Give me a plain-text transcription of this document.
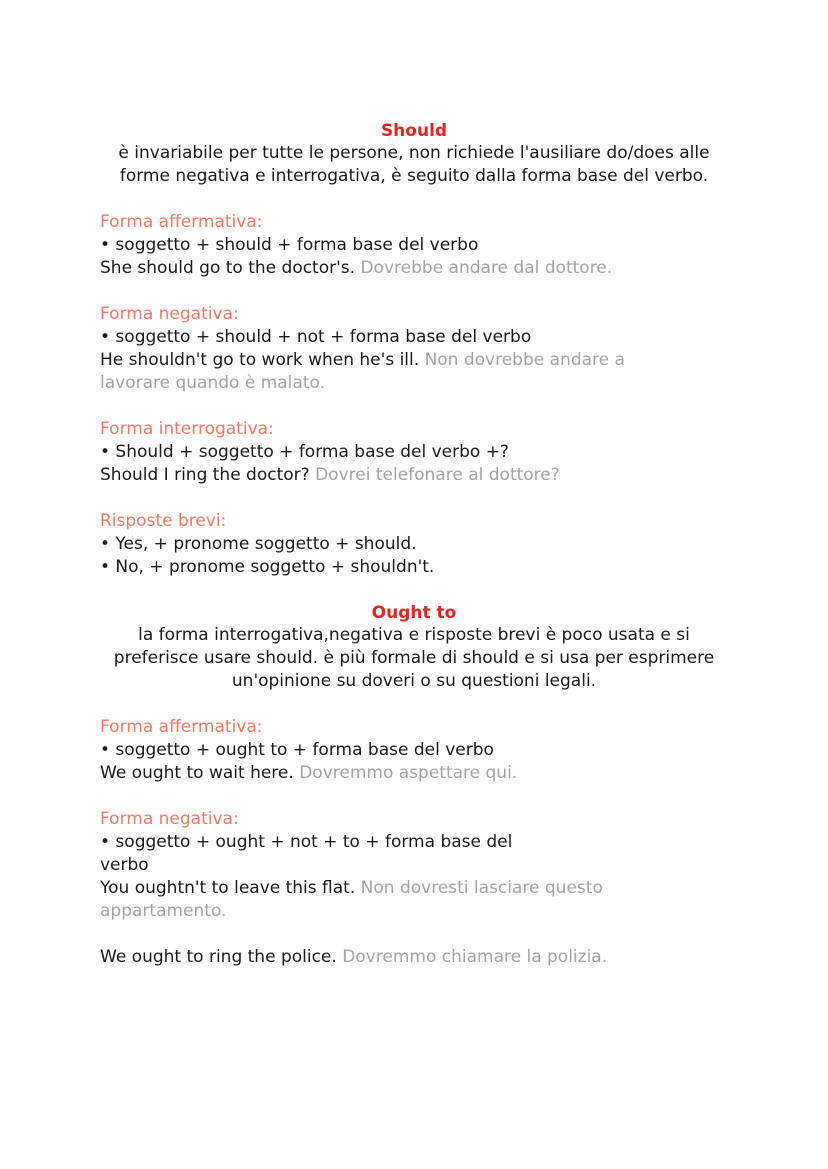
Should

è invariabile per tutte le persone, non richiede l'ausiliare do/does alle forme negativa e interrogativa, è seguito dalla forma base del verbo.

Forma affermativa:

• soggetto + should + forma base del verbo

She should go to the doctor's. Dovrebbe andare dal dottore.

Forma negativa:

• soggetto + should + not + forma base del verbo

He shouldn't go to work when he's ill. Non dovrebbe andare a lavorare quando è malato.

Forma interrogativa:

• Should + soggetto + forma base del verbo +?

Should I ring the doctor? Dovrei telefonare al dottore?

Risposte brevi:

• Yes, + pronome soggetto + should.

• No, + pronome soggetto + shouldn't.

Ought to

la forma interrogativa,negativa e risposte brevi è poco usata e si preferisce usare should. è più formale di should e si usa per esprimere un'opinione su doveri o su questioni legali.

Forma affermativa:

• soggetto + ought to + forma base del verbo

We ought to wait here. Dovremmo aspettare qui.

Forma negativa:

• soggetto + ought + not + to + forma base del verbo

You oughtn't to leave this flat. Non dovresti lasciare questo appartamento.

We ought to ring the police. Dovremmo chiamare la polizia.
